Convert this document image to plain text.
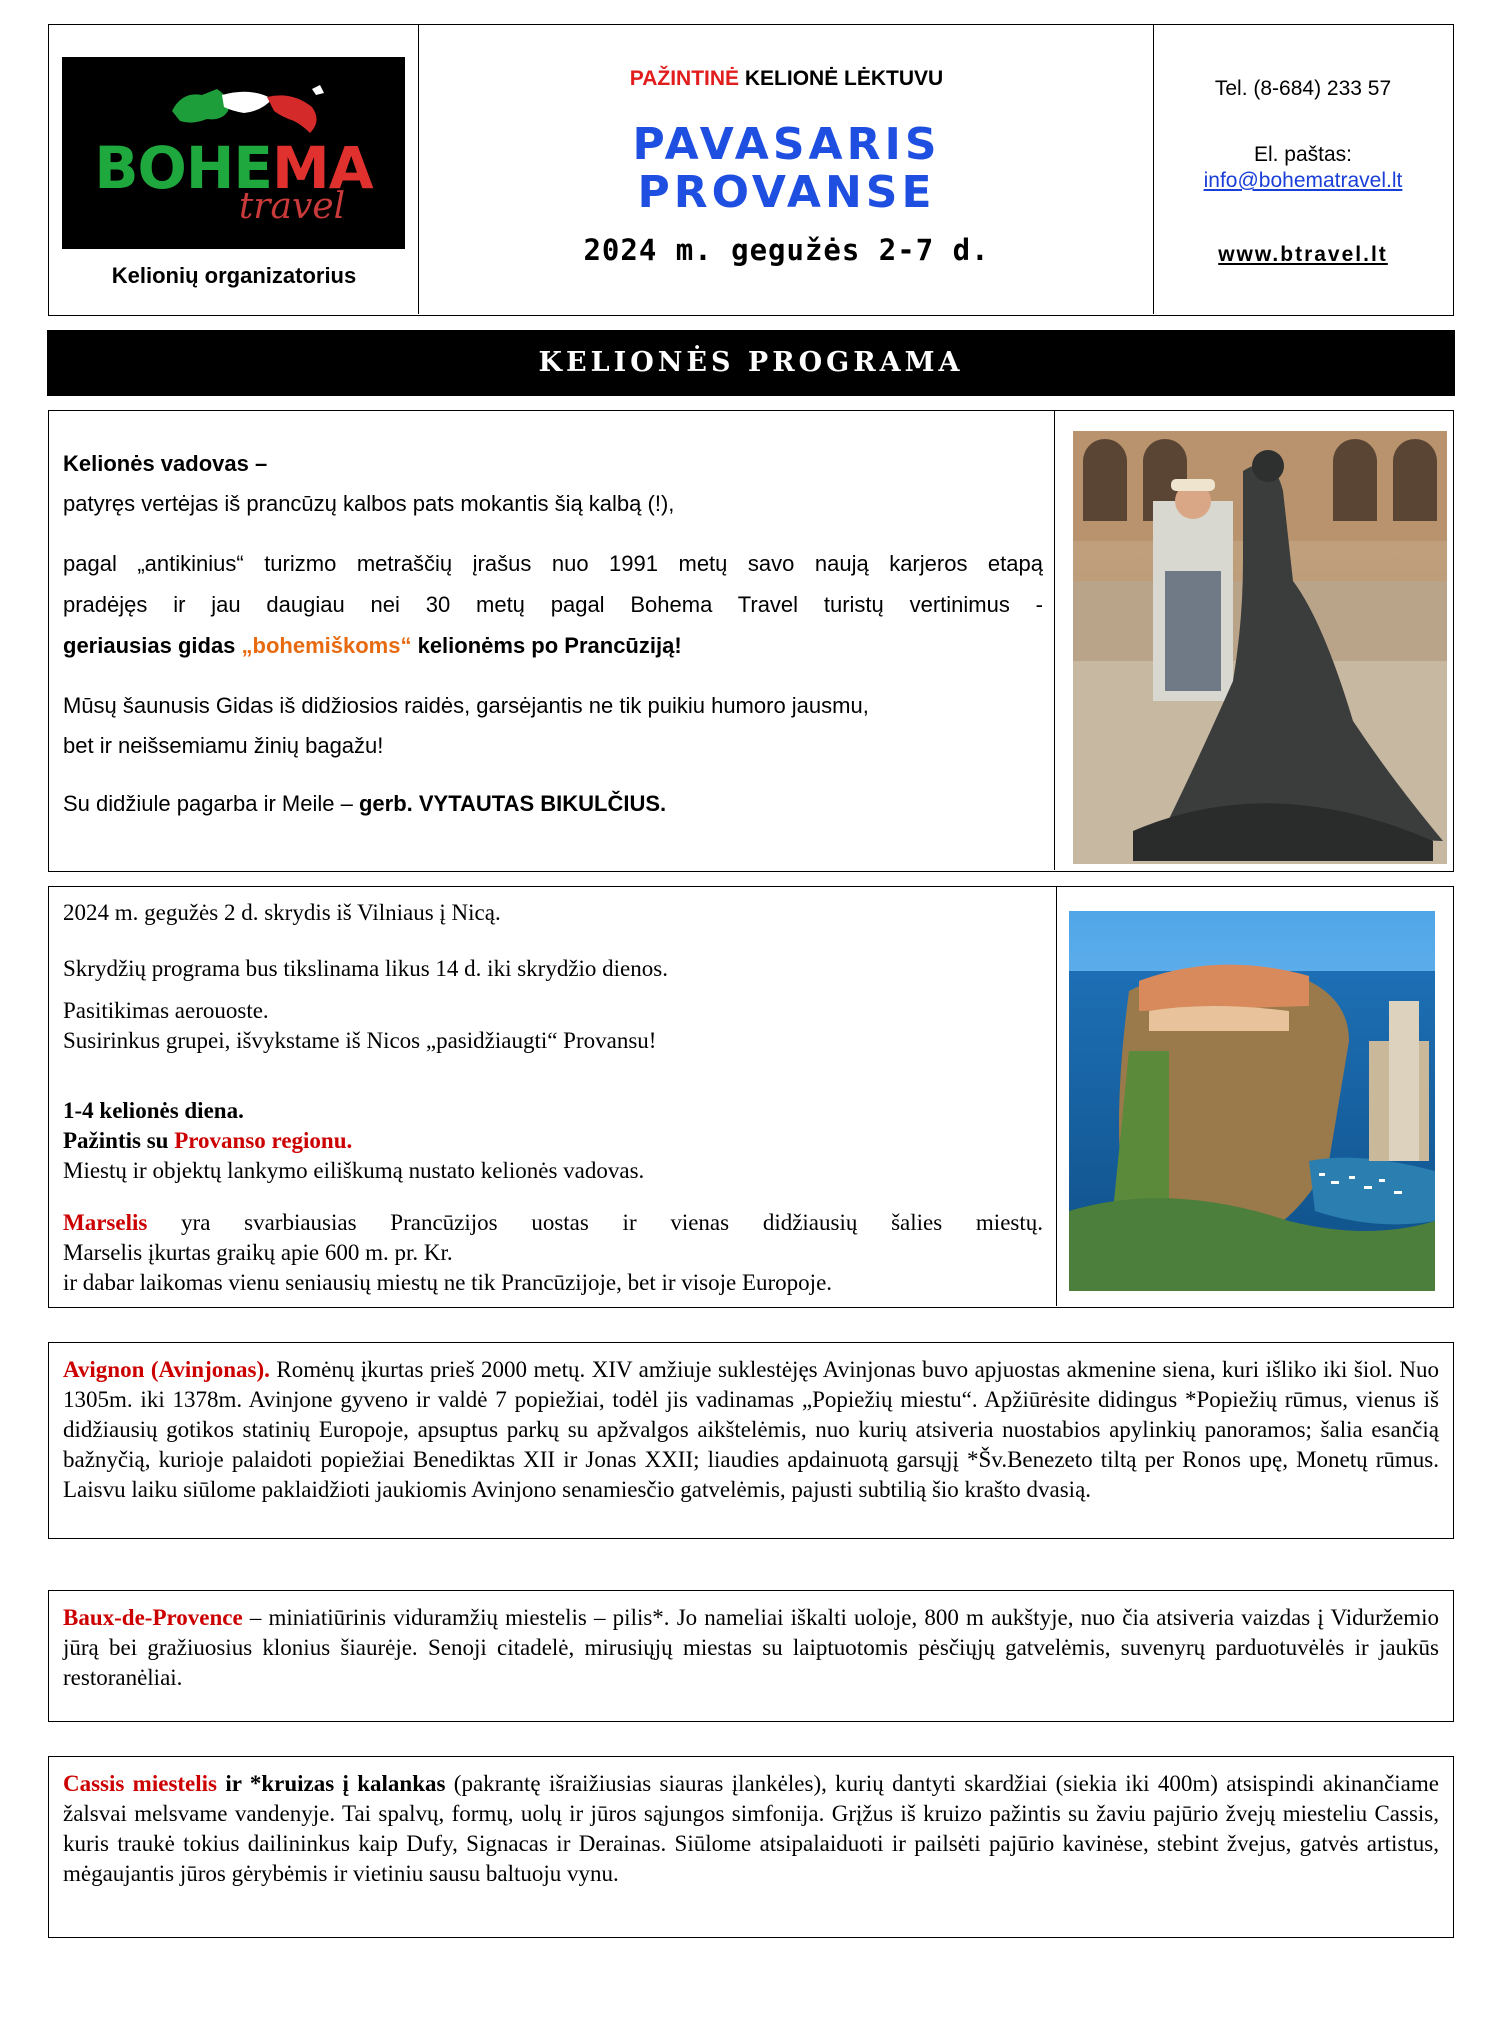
BOHEMA
travel
Kelionių organizatorius
PAŽINTINĖ KELIONĖ LĖKTUVU
PAVASARIS
PROVANSE
2024 m. gegužės 2-7 d.
Tel. (8-684) 233 57
El. paštas:
info@bohematravel.lt
www.btravel.lt
KELIONĖS PROGRAMA
Kelionės vadovas –
patyręs vertėjas iš prancūzų kalbos pats mokantis šią kalbą (!),
pagal „antikinius“ turizmo metraščių įrašus nuo 1991 metų savo naują karjeros etapą
pradėjęs ir jau daugiau nei 30 metų pagal Bohema Travel turistų vertinimus -
geriausias gidas „bohemiškoms“ kelionėms po Prancūziją!
Mūsų šaunusis Gidas iš didžiosios raidės, garsėjantis ne tik puikiu humoro jausmu,
bet ir neišsemiamu žinių bagažu!
Su didžiule pagarba ir Meile – gerb. VYTAUTAS BIKULČIUS.
2024 m. gegužės 2 d. skrydis iš Vilniaus į Nicą.
Skrydžių programa bus tikslinama likus 14 d. iki skrydžio dienos.
Pasitikimas aerouoste.
Susirinkus grupei, išvykstame iš Nicos „pasidžiaugti“ Provansu!
1-4 kelionės diena.
Pažintis su Provanso regionu.
Miestų ir objektų lankymo eiliškumą nustato kelionės vadovas.
Marselis yra svarbiausias Prancūzijos uostas ir vienas didžiausių šalies miestų.
Marselis įkurtas graikų apie 600 m. pr. Kr.
ir dabar laikomas vienu seniausių miestų ne tik Prancūzijoje, bet ir visoje Europoje.
Avignon (Avinjonas). Romėnų įkurtas prieš 2000 metų. XIV amžiuje suklestėjęs Avinjonas buvo apjuostas akmenine siena, kuri išliko iki šiol. Nuo 1305m. iki 1378m. Avinjone gyveno ir valdė 7 popiežiai, todėl jis vadinamas „Popiežių miestu“. Apžiūrėsite didingus *Popiežių rūmus, vienus iš didžiausių gotikos statinių Europoje, apsuptus parkų su apžvalgos aikštelėmis, nuo kurių atsiveria nuostabios apylinkių panoramos; šalia esančią bažnyčią, kurioje palaidoti popiežiai Benediktas XII ir Jonas XXII; liaudies apdainuotą garsųjį *Šv.Benezeto tiltą per Ronos upę, Monetų rūmus. Laisvu laiku siūlome paklaidžioti jaukiomis Avinjono senamiesčio gatvelėmis, pajusti subtilią šio krašto dvasią.
Baux-de-Provence – miniatiūrinis viduramžių miestelis – pilis*. Jo nameliai iškalti uoloje, 800 m aukštyje, nuo čia atsiveria vaizdas į Viduržemio jūrą bei gražiuosius klonius šiaurėje. Senoji citadelė, mirusiųjų miestas su laiptuotomis pėsčiųjų gatvelėmis, suvenyrų parduotuvėlės ir jaukūs restoranėliai.
Cassis miestelis ir *kruizas į kalankas (pakrantę išraižiusias siauras įlankėles), kurių dantyti skardžiai (siekia iki 400m) atsispindi akinančiame žalsvai melsvame vandenyje. Tai spalvų, formų, uolų ir jūros sąjungos simfonija. Grįžus iš kruizo pažintis su žaviu pajūrio žvejų miesteliu Cassis, kuris traukė tokius dailininkus kaip Dufy, Signacas ir Derainas. Siūlome atsipalaiduoti ir pailsėti pajūrio kavinėse, stebint žvejus, gatvės artistus, mėgaujantis jūros gėrybėmis ir vietiniu sausu baltuoju vynu.
